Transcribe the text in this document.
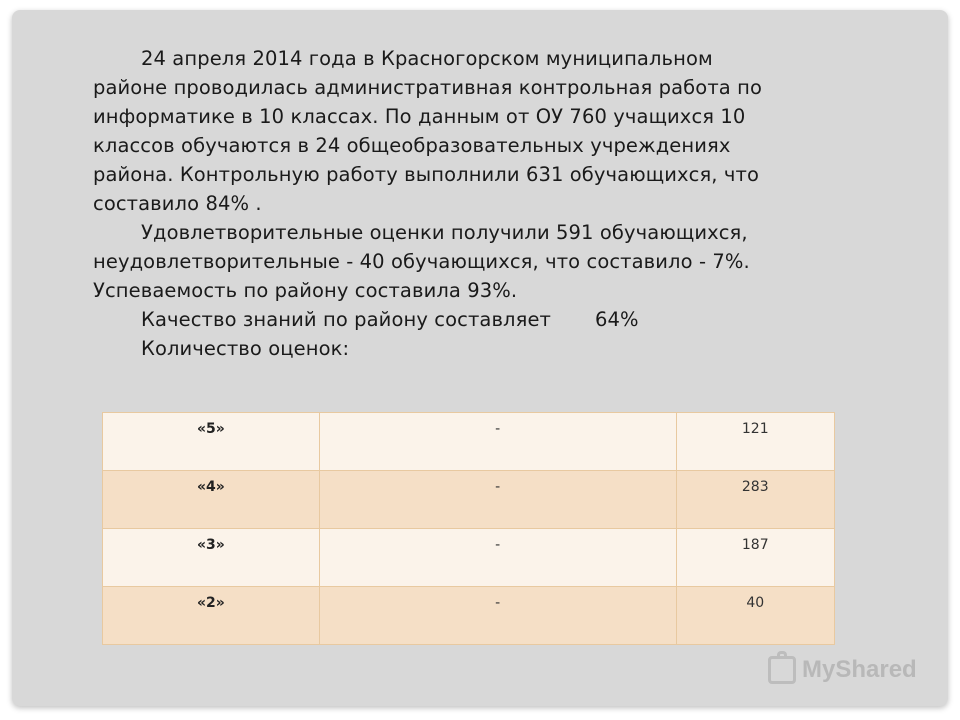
24 апреля 2014 года в Красногорском муниципальном
районе проводилась административная контрольная работа по
информатике в 10 классах. По данным от ОУ 760 учащихся 10
классов обучаются в 24 общеобразовательных учреждениях
района. Контрольную работу выполнили 631 обучающихся, что
составило 84% .
Удовлетворительные оценки получили 591 обучающихся,
неудовлетворительные - 40 обучающихся, что составило - 7%.
Успеваемость по району составила 93%.
Качество знаний по району составляет 64%
Количество оценок:
«5»	-	121
«4»	-	283
«3»	-	187
«2»	-	40
MyShared
